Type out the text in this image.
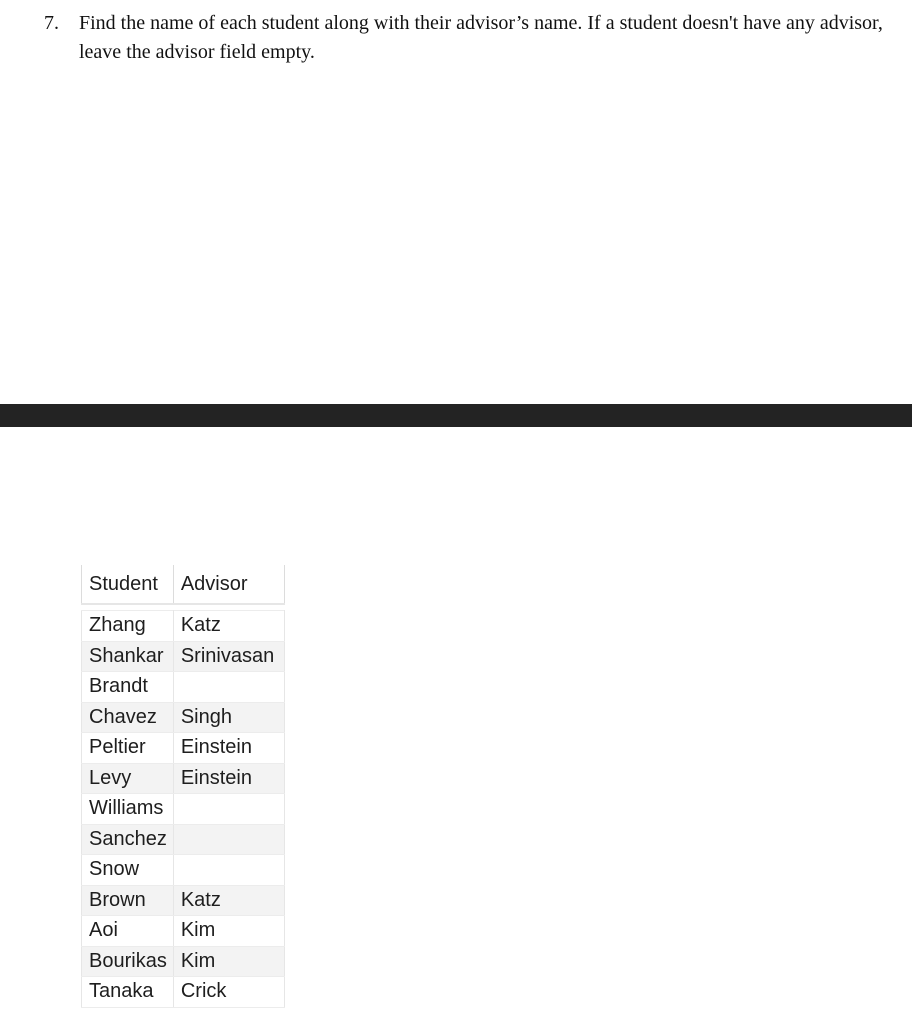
7. Find the name of each student along with their advisor’s name. If a student doesn't have any advisor, leave the advisor field empty.
Student	Advisor

Zhang	Katz
Shankar	Srinivasan
Brandt	
Chavez	Singh
Peltier	Einstein
Levy	Einstein
Williams	
Sanchez	
Snow	
Brown	Katz
Aoi	Kim
Bourikas	Kim
Tanaka	Crick
